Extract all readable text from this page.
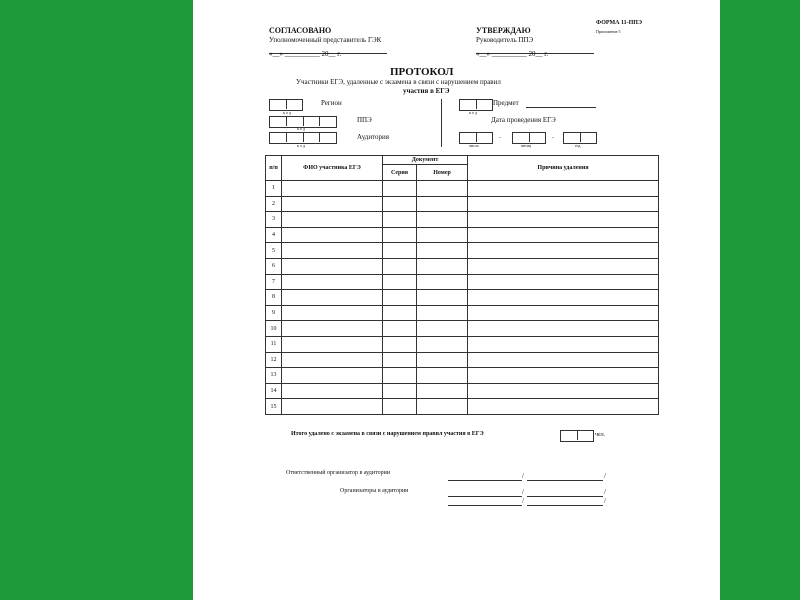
ФОРМА 11-ППЭ
Приложение 5
СОГЛАСОВАНО
Уполномоченный представитель ГЭК
«__» __________ 20__ г.
УТВЕРЖДАЮ
Руководитель ППЭ
«__» __________ 20__ г.
ПРОТОКОЛ
Участники ЕГЭ, удаленные с экзамена в связи с нарушением правил
участия в ЕГЭ
к о д
Регион
к о д
ППЭ
к о д
Аудитория
к о д
Предмет
Дата проведения ЕГЭ
.	.
число	месяц	год
п/п	ФИО участника ЕГЭ	Документ		Причина удаления
		Серия	Номер	
1				
2				
3				
4				
5				
6				
7				
8				
9				
10				
11				
12				
13				
14				
15				
Итого удалено с экзамена в связи с нарушением правил участия в ЕГЭ	чел.
Ответственный организатор в аудитории	/	/
Организаторы в аудитории	/	/
/	/
